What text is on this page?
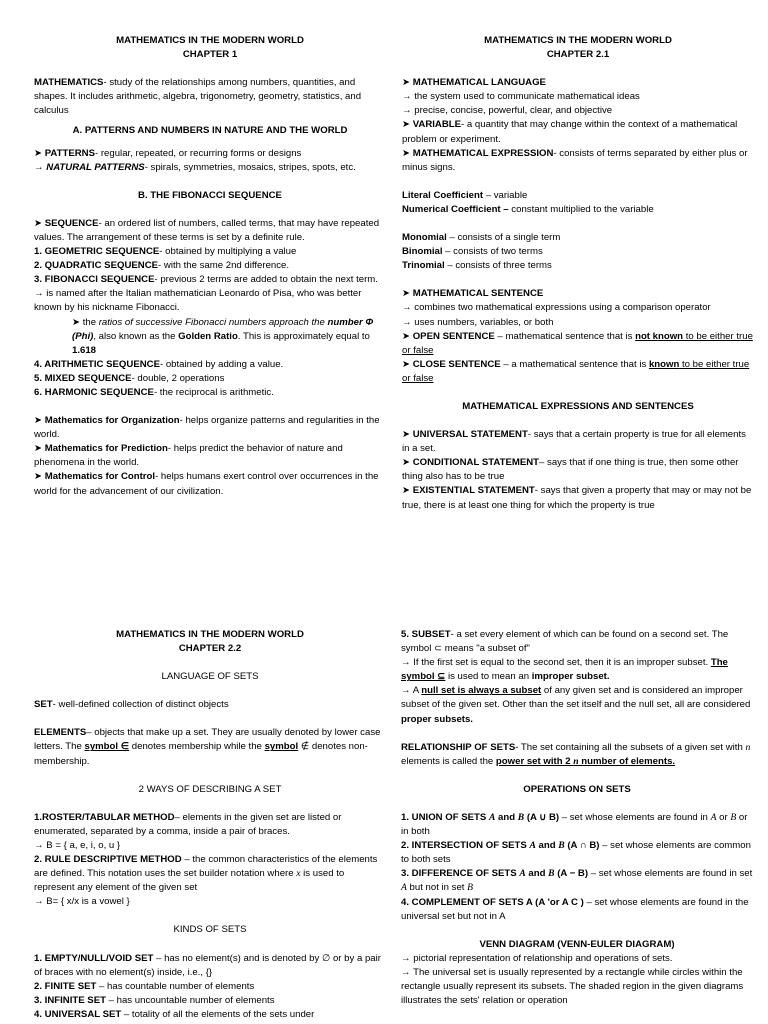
MATHEMATICS IN THE MODERN WORLD

CHAPTER 1

MATHEMATICS- study of the relationships among numbers, quantities, and shapes. It includes arithmetic, algebra, trigonometry, geometry, statistics, and calculus

A. PATTERNS AND NUMBERS IN NATURE AND THE WORLD

➤ PATTERNS- regular, repeated, or recurring forms or designs

→ NATURAL PATTERNS- spirals, symmetries, mosaics, stripes, spots, etc.

B. THE FIBONACCI SEQUENCE

➤ SEQUENCE- an ordered list of numbers, called terms, that may have repeated values. The arrangement of these terms is set by a definite rule.

1. GEOMETRIC SEQUENCE- obtained by multiplying a value

2. QUADRATIC SEQUENCE- with the same 2nd difference.

3. FIBONACCI SEQUENCE- previous 2 terms are added to obtain the next term.

→ is named after the Italian mathematician Leonardo of Pisa, who was better known by his nickname Fibonacci.

➤ the ratios of successive Fibonacci numbers approach the number Φ (Phi), also known as the Golden Ratio. This is approximately equal to 1.618

4. ARITHMETIC SEQUENCE- obtained by adding a value.

5. MIXED SEQUENCE- double, 2 operations

6. HARMONIC SEQUENCE- the reciprocal is arithmetic.

➤ Mathematics for Organization- helps organize patterns and regularities in the world.

➤ Mathematics for Prediction- helps predict the behavior of nature and phenomena in the world.

➤ Mathematics for Control- helps humans exert control over occurrences in the world for the advancement of our civilization.

MATHEMATICS IN THE MODERN WORLD

CHAPTER 2.1

➤ MATHEMATICAL LANGUAGE

→ the system used to communicate mathematical ideas

→ precise, concise, powerful, clear, and objective

➤ VARIABLE- a quantity that may change within the context of a mathematical problem or experiment.

➤ MATHEMATICAL EXPRESSION- consists of terms separated by either plus or minus signs.

Literal Coefficient – variable

Numerical Coefficient – constant multiplied to the variable

Monomial – consists of a single term

Binomial – consists of two terms

Trinomial – consists of three terms

➤ MATHEMATICAL SENTENCE

→ combines two mathematical expressions using a comparison operator

→ uses numbers, variables, or both

➤ OPEN SENTENCE – mathematical sentence that is not known to be either true or false

➤ CLOSE SENTENCE – a mathematical sentence that is known to be either true or false

MATHEMATICAL EXPRESSIONS AND SENTENCES

➤ UNIVERSAL STATEMENT- says that a certain property is true for all elements in a set.

➤ CONDITIONAL STATEMENT– says that if one thing is true, then some other thing also has to be true

➤ EXISTENTIAL STATEMENT- says that given a property that may or may not be true, there is at least one thing for which the property is true

MATHEMATICS IN THE MODERN WORLD

CHAPTER 2.2

LANGUAGE OF SETS

SET- well-defined collection of distinct objects

ELEMENTS– objects that make up a set. They are usually denoted by lower case letters. The symbol ∈ denotes membership while the symbol ∉ denotes non-membership.

2 WAYS OF DESCRIBING A SET

1.ROSTER/TABULAR METHOD– elements in the given set are listed or enumerated, separated by a comma, inside a pair of braces.

→ B = { a, e, i, o, u }

2. RULE DESCRIPTIVE METHOD – the common characteristics of the elements are defined. This notation uses the set builder notation where x is used to represent any element of the given set

→ B= { x/x is a vowel }

KINDS OF SETS

1. EMPTY/NULL/VOID SET – has no element(s) and is denoted by ∅ or by a pair of braces with no element(s) inside, i.e., {}

2. FINITE SET – has countable number of elements

3. INFINITE SET – has uncountable number of elements

4. UNIVERSAL SET – totality of all the elements of the sets under

5. SUBSET- a set every element of which can be found on a second set. The symbol ⊂ means "a subset of"

→ If the first set is equal to the second set, then it is an improper subset. The symbol ⊆ is used to mean an improper subset.

→ A null set is always a subset of any given set and is considered an improper subset of the given set. Other than the set itself and the null set, all are considered proper subsets.

RELATIONSHIP OF SETS- The set containing all the subsets of a given set with n elements is called the power set with 2 n number of elements.

OPERATIONS ON SETS

1. UNION OF SETS A and B (A ∪ B) – set whose elements are found in A or B or in both

2. INTERSECTION OF SETS A and B (A ∩ B) – set whose elements are common to both sets

3. DIFFERENCE OF SETS A and B (A − B) – set whose elements are found in set A but not in set B

4. COMPLEMENT OF SETS A (A 'or A C ) – set whose elements are found in the universal set but not in A

VENN DIAGRAM (VENN-EULER DIAGRAM)

→ pictorial representation of relationship and operations of sets.

→ The universal set is usually represented by a rectangle while circles within the rectangle usually represent its subsets. The shaded region in the given diagrams illustrates the sets' relation or operation
